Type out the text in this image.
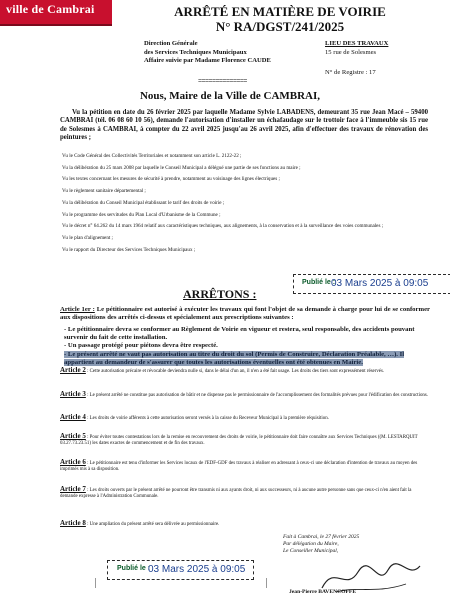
ville de Cambrai	ARRÊTÉ EN MATIÈRE DE VOIRIE
N° RA/DGST/241/2025
Direction Générale
des Services Techniques Municipaux
Affaire suivie par Madame Florence CAUDE
LIEU DES TRAVAUX
15 rue de Solesmes
N° de Registre : 17
==============
Nous, Maire de la Ville de CAMBRAI,
Vu la pétition en date du 26 février 2025 par laquelle Madame Sylvie LABADENS, demeurant 35 rue Jean Macé – 59400 CAMBRAI (tél. 06 08 60 10 56), demande l'autorisation d'installer un échafaudage sur le trottoir face à l'immeuble sis 15 rue de Solesmes à CAMBRAI, à compter du 22 avril 2025 jusqu'au 26 avril 2025, afin d'effectuer des travaux de rénovation des peintures ;

Vu le Code Général des Collectivités Territoriales et notamment son article L. 2122-22 ;

Vu la délibération du 25 mars 2008 par laquelle le Conseil Municipal a délégué une partie de ses fonctions au maire ;

Vu les textes concernant les mesures de sécurité à prendre, notamment au voisinage des lignes électriques ;

Vu le règlement sanitaire départemental ;

Vu la délibération du Conseil Municipal établissant le tarif des droits de voirie ;

Vu le programme des servitudes du Plan Local d'Urbanisme de la Commune ;

Vu le décret n° 64.262 du 14 mars 1964 relatif aux caractéristiques techniques, aux alignements, à la conservation et à la surveillance des voies communales ;

Vu le plan d'alignement ;

Vu le rapport du Directeur des Services Techniques Municipaux ;

Publié le :
03 Mars 2025 à 09:05
ARRÊTONS :
Article 1er : Le pétitionnaire est autorisé à exécuter les travaux qui font l'objet de sa demande à charge pour lui de se conformer aux dispositions des arrêtés ci-dessus et spécialement aux prescriptions suivantes :

- Le pétitionnaire devra se conformer au Règlement de Voirie en vigueur et restera, seul responsable, des accidents pouvant survenir du fait de cette installation.

- Un passage protégé pour piétons devra être respecté.

- Le présent arrêté ne vaut pas autorisation au titre du droit du sol (Permis de Construire, Déclaration Préalable, …). Il appartient au demandeur de s'assurer que toutes les autorisations éventuelles ont été obtenues en Mairie.

Article 2 : Cette autorisation précaire et révocable deviendra nulle si, dans le délai d'un an, il n'en a été fait usage. Les droits des tiers sont expressément réservés.
Article 3 : Le présent arrêté ne constitue pas autorisation de bâtir et ne dispense pas le permissionnaire de l'accomplissement des formalités prévues pour l'édification des constructions.
Article 4 : Les droits de voirie afférents à cette autorisation seront versés à la caisse du Receveur Municipal à la première réquisition.
Article 5 : Pour éviter toutes contestations lors de la remise en recouvrement des droits de voirie, le pétitionnaire doit faire connaître aux Services Techniques ((M. LESTARQUIT 03.27.73.23.51) les dates exactes de commencement et de fin des travaux.
Article 6 : Le pétitionnaire est tenu d'informer les Services locaux de l'EDF-GDF des travaux à réaliser en adressant à ceux-ci une déclaration d'intention de travaux au moyen des imprimés mis à sa disposition.
Article 7 : Les droits ouverts par le présent arrêté ne pourront être transmis ni aux ayants droit, ni aux successeurs, ni à aucune autre personne sans que ceux-ci n'en aient fait la demande expresse à l'Administration Communale.
Article 8 : Une ampliation du présent arrêté sera délivrée au permissionnaire.
Fait à Cambrai, le 27 février 2025
Par délégation du Maire,
Le Conseiller Municipal,
Jean-Pierre BAVENCOFFE
Publié le :
03 Mars 2025 à 09:05
